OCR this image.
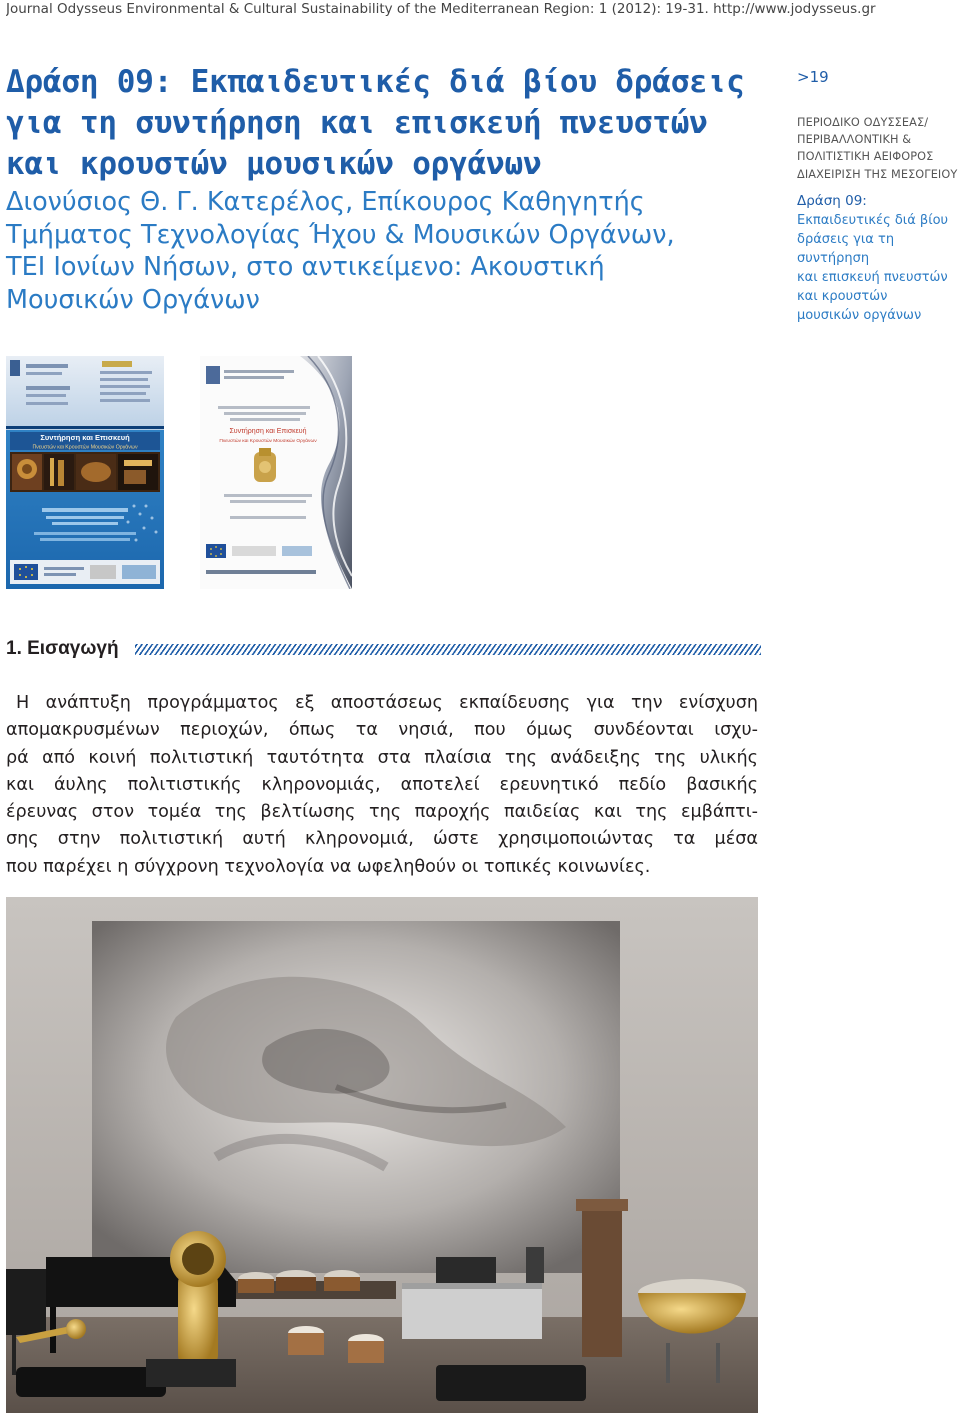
Journal Odysseus Environmental & Cultural Sustainability of the Mediterranean Region: 1 (2012): 19-31. http://www.jodysseus.gr
Δράση 09: Εκπαιδευτικές διά βίου δράσεις
για τη συντήρηση και επισκευή πνευστών
και κρουστών μουσικών οργάνων
Διονύσιος Θ. Γ. Κατερέλος, Επίκουρος Καθηγητής
Τμήματος Τεχνολογίας Ήχου & Μουσικών Οργάνων,
ΤΕΙ Ιονίων Νήσων, στο αντικείμενο: Ακουστική
Μουσικών Οργάνων
>19
ΠΕΡΙΟΔΙΚΟ ΟΔΥΣΣΕΑΣ/
ΠΕΡΙΒΑΛΛΟΝΤΙΚΗ &
ΠΟΛΙΤΙΣΤΙΚΗ ΑΕΙΦΟΡΟΣ
ΔΙΑΧΕΙΡΙΣΗ ΤΗΣ ΜΕΣΟΓΕΙΟΥ
Δράση 09:
Εκπαιδευτικές διά βίου
δράσεις για τη συντήρηση
και επισκευή πνευστών
και κρουστών
μουσικών οργάνων
Συντήρηση και Επισκευή
Πνευστών και Κρουστών Μουσικών Οργάνων
Συντήρηση και Επισκευή
Πνευστών και Κρουστών Μουσικών Οργάνων
1. Εισαγωγή
Η ανάπτυξη προγράμματος εξ αποστάσεως εκπαίδευσης για την ενίσχυση
απομακρυσμένων περιοχών, όπως τα νησιά, που όμως συνδέονται ισχυ-
ρά από κοινή πολιτιστική ταυτότητα στα πλαίσια της ανάδειξης της υλικής
και άυλης πολιτιστικής κληρονομιάς, αποτελεί ερευνητικό πεδίο βασικής
έρευνας στον τομέα της βελτίωσης της παροχής παιδείας και της εμβάπτι-
σης στην πολιτιστική αυτή κληρονομιά, ώστε χρησιμοποιώντας τα μέσα
που παρέχει η σύγχρονη τεχνολογία να ωφεληθούν οι τοπικές κοινωνίες.
